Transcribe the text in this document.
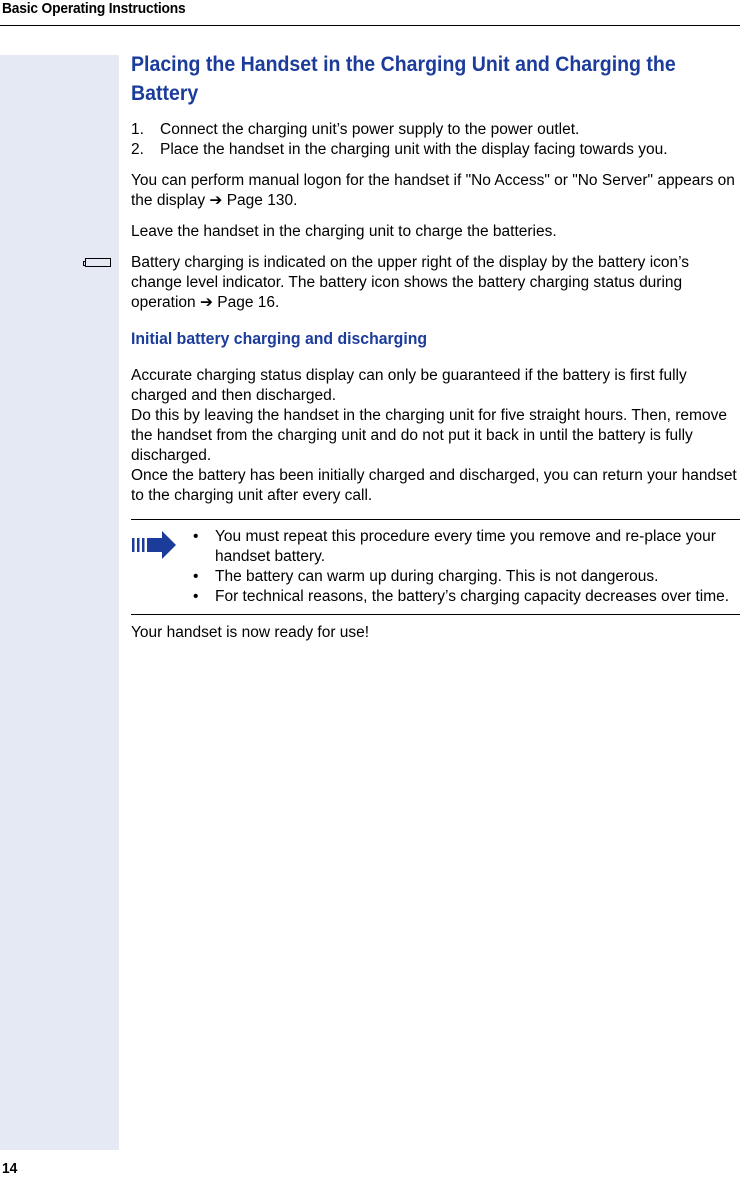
Basic Operating Instructions
Placing the Handset in the Charging Unit and Charging the Battery
1. Connect the charging unit’s power supply to the power outlet.
2. Place the handset in the charging unit with the display facing towards you.

You can perform manual logon for the handset if "No Access" or "No Server" appears on the display ➔ Page 130.

Leave the handset in the charging unit to charge the batteries.

Battery charging is indicated on the upper right of the display by the battery icon’s change level indicator. The battery icon shows the battery charging status during operation ➔ Page 16.
Initial battery charging and discharging

Accurate charging status display can only be guaranteed if the battery is first fully charged and then discharged.

Do this by leaving the handset in the charging unit for five straight hours. Then, remove the handset from the charging unit and do not put it back in until the battery is fully discharged.

Once the battery has been initially charged and discharged, you can return your handset to the charging unit after every call.

• You must repeat this procedure every time you remove and re-place your handset battery.
• The battery can warm up during charging. This is not dangerous.
• For technical reasons, the battery’s charging capacity decreases over time.

Your handset is now ready for use!

14
